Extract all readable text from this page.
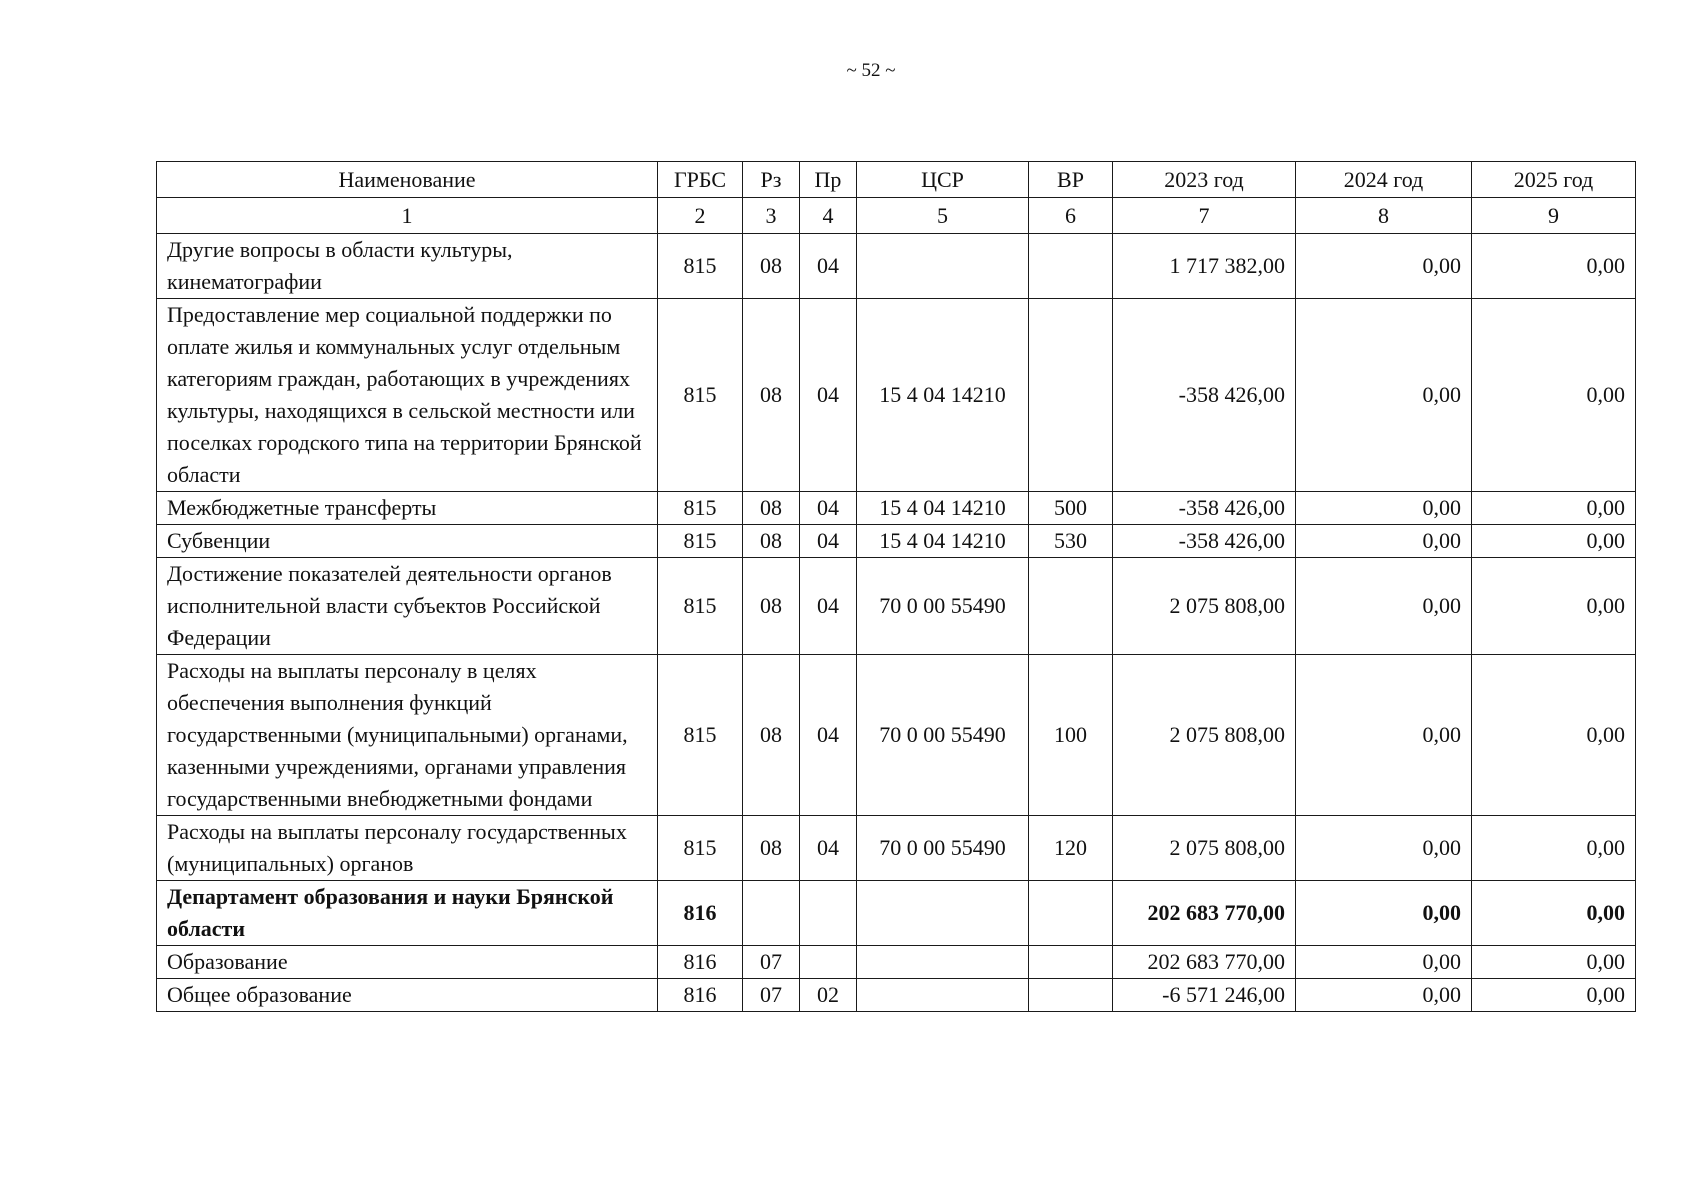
~ 52 ~
Наименование	ГРБС	Рз	Пр	ЦСР	ВР	2023 год	2024 год	2025 год
1	2	3	4	5	6	7	8	9
Другие вопросы в области культуры, кинематографии	815	08	04			1 717 382,00	0,00	0,00
Предоставление мер социальной поддержки по оплате жилья и коммунальных услуг отдельным категориям граждан, работающих в учреждениях культуры, находящихся в сельской местности или поселках городского типа на территории Брянской области	815	08	04	15 4 04 14210		-358 426,00	0,00	0,00
Межбюджетные трансферты	815	08	04	15 4 04 14210	500	-358 426,00	0,00	0,00
Субвенции	815	08	04	15 4 04 14210	530	-358 426,00	0,00	0,00
Достижение показателей деятельности органов исполнительной власти субъектов Российской Федерации	815	08	04	70 0 00 55490		2 075 808,00	0,00	0,00
Расходы на выплаты персоналу в целях обеспечения выполнения функций государственными (муниципальными) органами, казенными учреждениями, органами управления государственными внебюджетными фондами	815	08	04	70 0 00 55490	100	2 075 808,00	0,00	0,00
Расходы на выплаты персоналу государственных (муниципальных) органов	815	08	04	70 0 00 55490	120	2 075 808,00	0,00	0,00
Департамент образования и науки Брянской области	816					202 683 770,00	0,00	0,00
Образование	816	07				202 683 770,00	0,00	0,00
Общее образование	816	07	02			-6 571 246,00	0,00	0,00
